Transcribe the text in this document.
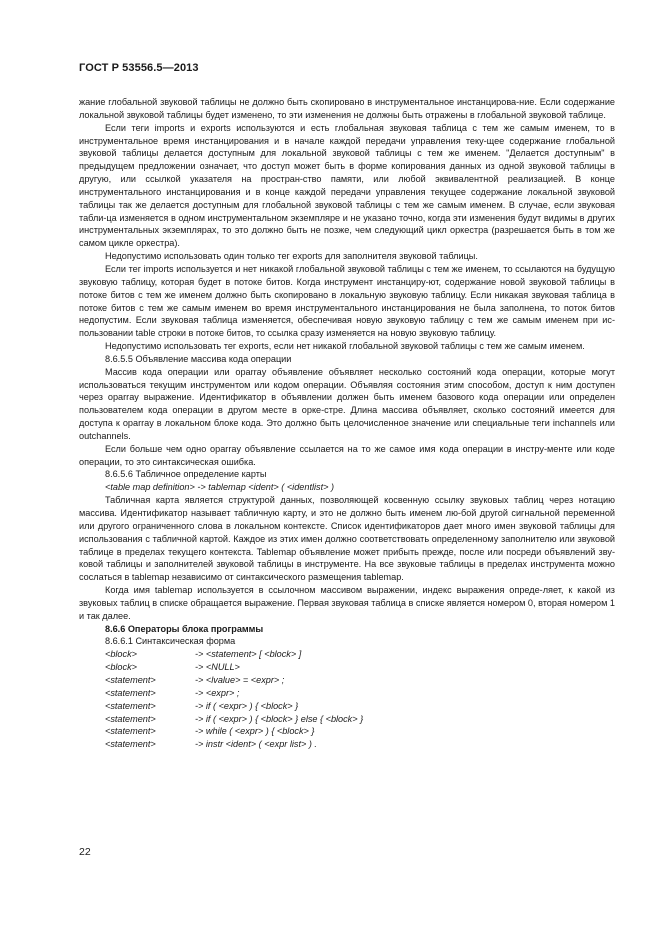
ГОСТ Р 53556.5—2013

жание глобальной звуковой таблицы не должно быть скопировано в инструментальное инстанцирова-ние. Если содержание локальной звуковой таблицы будет изменено, то эти изменения не должны быть отражены в глобальной звуковой таблице.

Если теги imports и exports используются и есть глобальная звуковая таблица с тем же самым именем, то в инструментальное время инстанцирования и в начале каждой передачи управления теку-щее содержание глобальной звуковой таблицы делается доступным для локальной звуковой таблицы с тем же именем. "Делается доступным" в предыдущем предложении означает, что доступ может быть в форме копирования данных из одной звуковой таблицы в другую, или ссылкой указателя на простран-ство памяти, или любой эквивалентной реализацией. В конце инструментального инстанцирования и в конце каждой передачи управления текущее содержание локальной звуковой таблицы так же делается доступным для глобальной звуковой таблицы с тем же самым именем. В случае, если звуковая табли-ца изменяется в одном инструментальном экземпляре и не указано точно, когда эти изменения будут видимы в других инструментальных экземплярах, то это должно быть не позже, чем следующий цикл оркестра (разрешается быть в том же самом цикле оркестра).

Недопустимо использовать один только тег exports для заполнителя звуковой таблицы.

Если тег imports используется и нет никакой глобальной звуковой таблицы с тем же именем, то ссылаются на будущую звуковую таблицу, которая будет в потоке битов. Когда инструмент инстанциру-ют, содержание новой звуковой таблицы в потоке битов с тем же именем должно быть скопировано в локальную звуковую таблицу. Если никакая звуковая таблица в потоке битов с тем же самым именем во время инструментального инстанцирования не была заполнена, то поток битов недопустим. Если звуковая таблица изменяется, обеспечивая новую звуковую таблицу с тем же самым именем при ис-пользовании table строки в потоке битов, то ссылка сразу изменяется на новую звуковую таблицу.

Недопустимо использовать тег exports, если нет никакой глобальной звуковой таблицы с тем же самым именем.

8.6.5.5 Объявление массива кода операции

Массив кода операции или oparray объявление объявляет несколько состояний кода операции, которые могут использоваться текущим инструментом или кодом операции. Объявляя состояния этим способом, доступ к ним доступен через oparray выражение. Идентификатор в объявлении должен быть именем базового кода операции или определен пользователем кода операции в другом месте в орке-стре. Длина массива объявляет, сколько состояний имеется для доступа к oparray в локальном блоке кода. Это должно быть целочисленное значение или специальные теги inchannels или outchannels.

Если больше чем одно oparray объявление ссылается на то же самое имя кода операции в инстру-менте или коде операции, то это синтаксическая ошибка.

8.6.5.6 Табличное определение карты

<table map definition> -> tablemap <ident> ( <identlist> )

Табличная карта является структурой данных, позволяющей косвенную ссылку звуковых таблиц через нотацию массива. Идентификатор называет табличную карту, и это не должно быть именем лю-бой другой сигнальной переменной или другого ограниченного слова в локальном контексте. Список идентификаторов дает много имен звуковой таблицы для использования с табличной картой. Каждое из этих имен должно соответствовать определенному заполнителю или звуковой таблице в пределах текущего контекста. Tablemap объявление может прибыть прежде, после или посреди объявлений зву-ковой таблицы и заполнителей звуковой таблицы в инструменте. На все звуковые таблицы в пределах инструмента можно сослаться в tablemap независимо от синтаксического размещения tablemap.

Когда имя tablemap используется в ссылочном массивом выражении, индекс выражения опреде-ляет, к какой из звуковых таблиц в списке обращается выражение. Первая звуковая таблица в списке является номером 0, вторая номером 1 и так далее.

8.6.6 Операторы блока программы

8.6.6.1 Синтаксическая форма

<block>	-> <statement> [ <block> ]
<block>	-> <NULL>
<statement>	-> <lvalue> = <expr> ;
<statement>	-> <expr> ;
<statement>	-> if ( <expr> ) { <block> }
<statement>	-> if ( <expr> ) { <block> } else { <block> }
<statement>	-> while ( <expr> ) { <block> }
<statement>	-> instr <ident> ( <expr list> ) .
22
